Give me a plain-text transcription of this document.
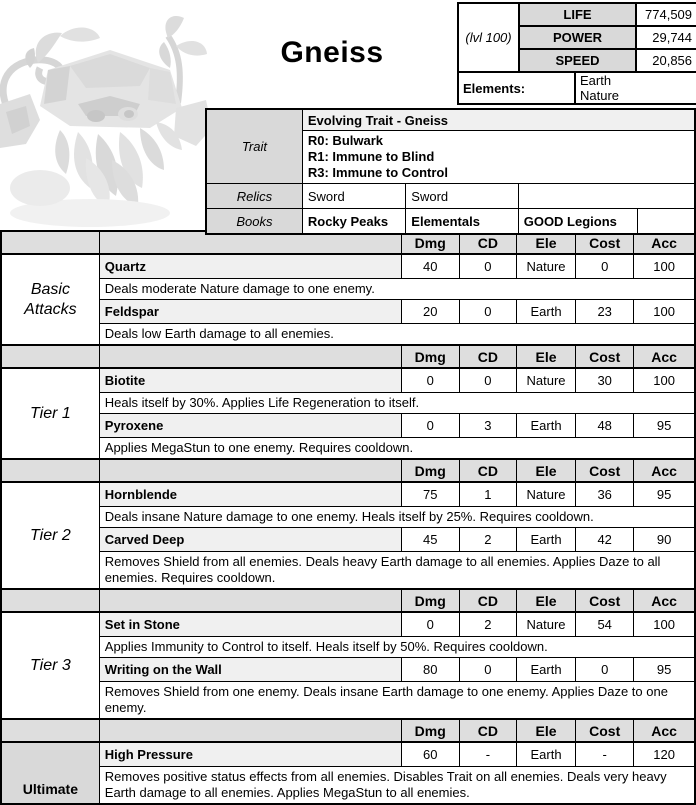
Gneiss	(lvl 100)	LIFE		774,509
	POWER		29,744
	SPEED		20,856
Elements:		Earth
Nature	
Trait	Evolving Trait - Gneiss			

	R0: Bulwark
R1: Immune to Blind
R3: Immune to Control			

Relics	Sword	Sword		
Books	Rocky Peaks	Elementals	GOOD Legions	
		Dmg	CD	Ele	Cost	Acc
Basic Attacks	Quartz	40	0	Nature	0	100
	Deals moderate Nature damage to one enemy.					
	Feldspar	20	0	Earth	23	100
	Deals low Earth damage to all enemies.					
		Dmg	CD	Ele	Cost	Acc
Tier 1	Biotite	0	0	Nature	30	100
	Heals itself by 30%. Applies Life Regeneration to itself.					
	Pyroxene	0	3	Earth	48	95
	Applies MegaStun to one enemy. Requires cooldown.					
		Dmg	CD	Ele	Cost	Acc
Tier 2	Hornblende	75	1	Nature	36	95
	Deals insane Nature damage to one enemy. Heals itself by 25%. Requires cooldown.					
	Carved Deep	45	2	Earth	42	90
	Removes Shield from all enemies. Deals heavy Earth damage to all enemies. Applies Daze to all enemies. Requires cooldown.					
		Dmg	CD	Ele	Cost	Acc
Tier 3	Set in Stone	0	2	Nature	54	100
	Applies Immunity to Control to itself. Heals itself by 50%. Requires cooldown.					
	Writing on the Wall	80	0	Earth	0	95
	Removes Shield from one enemy. Deals insane Earth damage to one enemy. Applies Daze to one enemy.					
		Dmg	CD	Ele	Cost	Acc
Ultimate	High Pressure	60	-	Earth	-	120
	Removes positive status effects from all enemies. Disables Trait on all enemies. Deals very heavy Earth damage to all enemies. Applies MegaStun to all enemies.					
